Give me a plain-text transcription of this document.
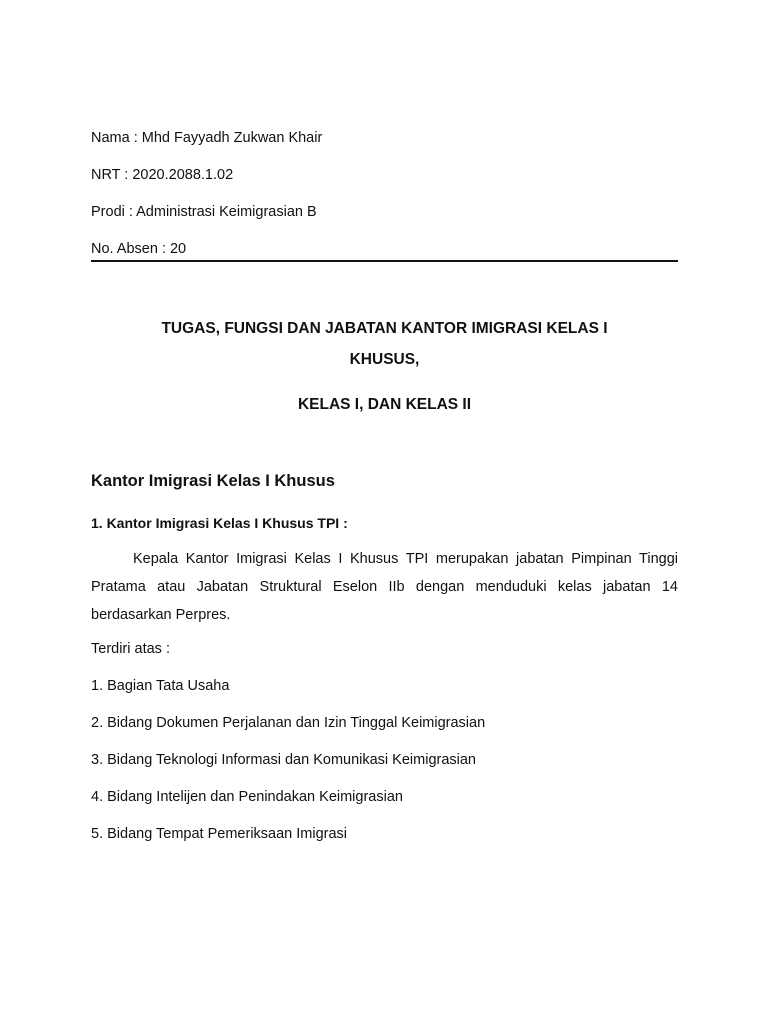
Nama : Mhd Fayyadh Zukwan Khair

NRT : 2020.2088.1.02

Prodi : Administrasi Keimigrasian B

No. Absen : 20

TUGAS, FUNGSI DAN JABATAN KANTOR IMIGRASI KELAS I

KHUSUS,

KELAS I, DAN KELAS II

Kantor Imigrasi Kelas I Khusus
1. Kantor Imigrasi Kelas I Khusus TPI :

Kepala Kantor Imigrasi Kelas I Khusus TPI merupakan jabatan Pimpinan Tinggi Pratama atau Jabatan Struktural Eselon IIb dengan menduduki kelas jabatan 14 berdasarkan Perpres.

Terdiri atas :

1. Bagian Tata Usaha
2. Bidang Dokumen Perjalanan dan Izin Tinggal Keimigrasian
3. Bidang Teknologi Informasi dan Komunikasi Keimigrasian
4. Bidang Intelijen dan Penindakan Keimigrasian
5. Bidang Tempat Pemeriksaan Imigrasi
